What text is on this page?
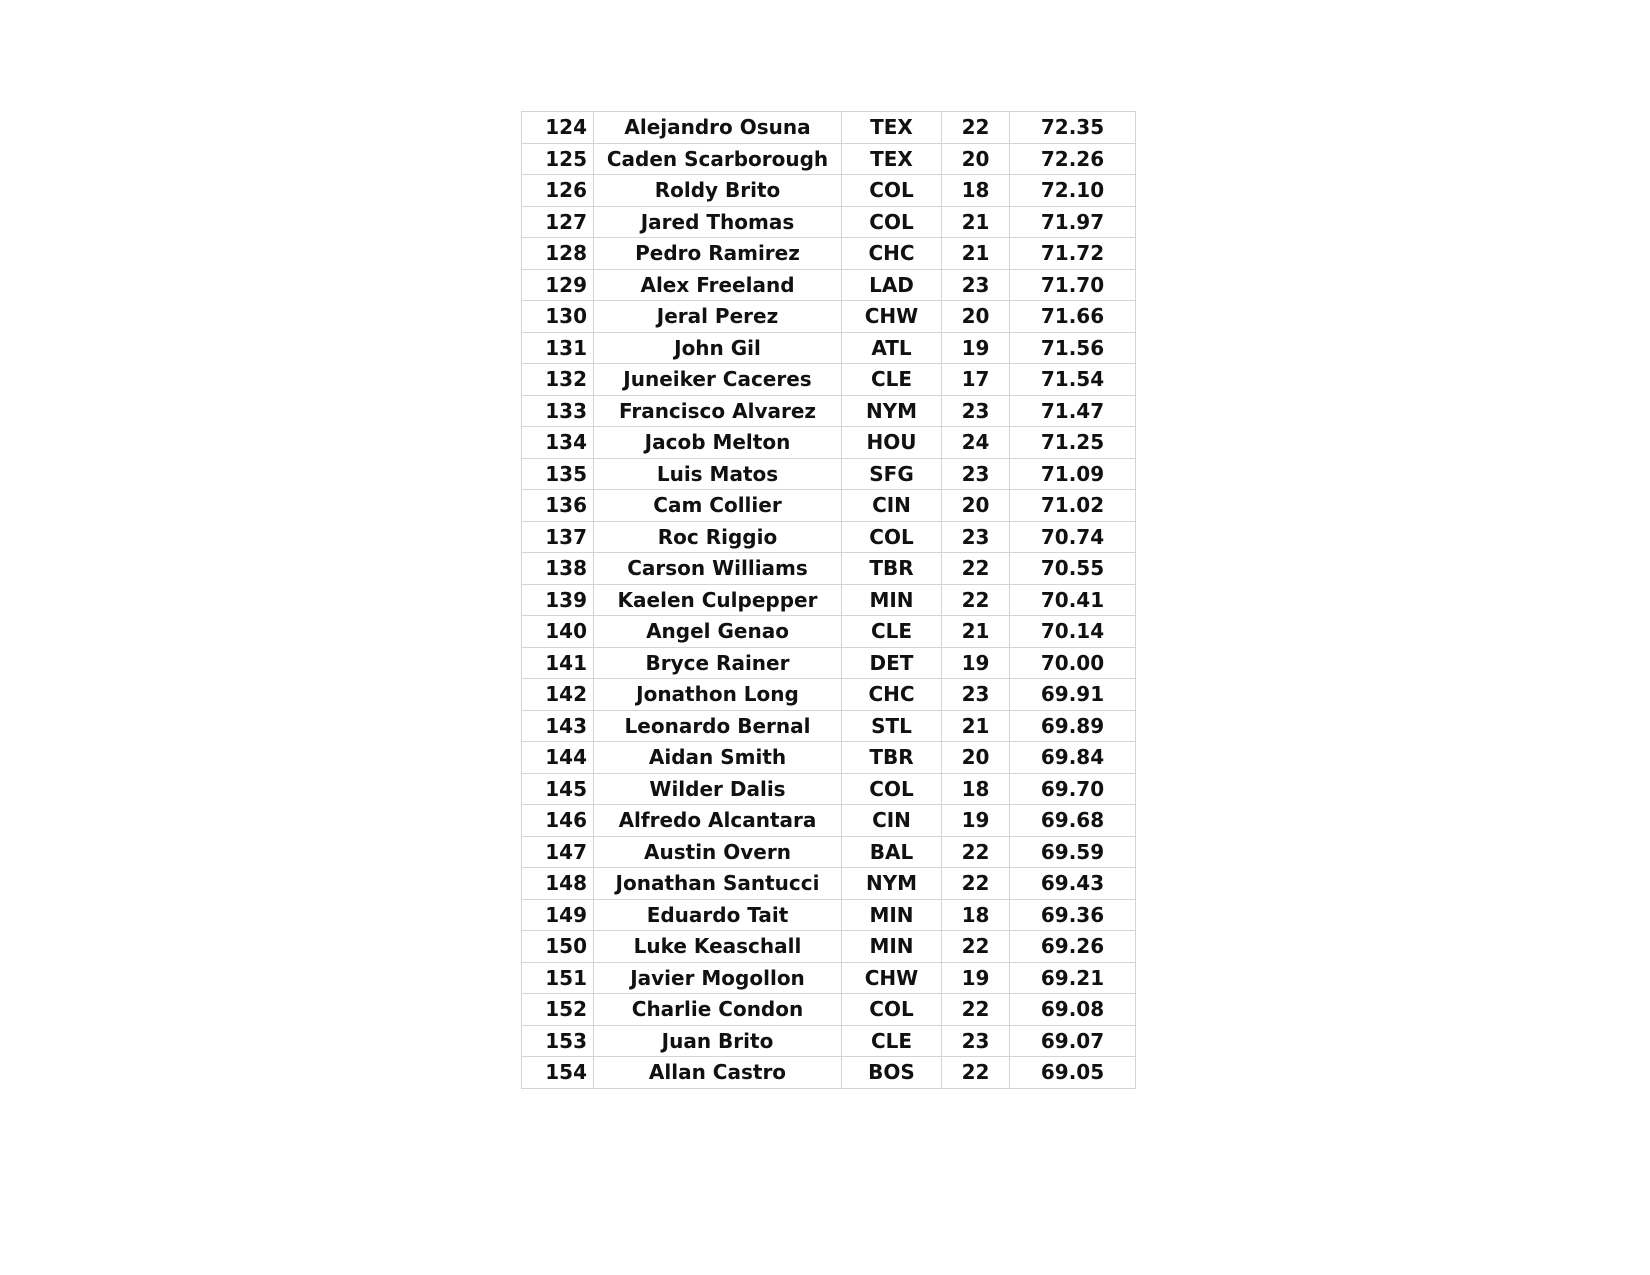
124	Alejandro Osuna	TEX	22	72.35
125	Caden Scarborough	TEX	20	72.26
126	Roldy Brito	COL	18	72.10
127	Jared Thomas	COL	21	71.97
128	Pedro Ramirez	CHC	21	71.72
129	Alex Freeland	LAD	23	71.70
130	Jeral Perez	CHW	20	71.66
131	John Gil	ATL	19	71.56
132	Juneiker Caceres	CLE	17	71.54
133	Francisco Alvarez	NYM	23	71.47
134	Jacob Melton	HOU	24	71.25
135	Luis Matos	SFG	23	71.09
136	Cam Collier	CIN	20	71.02
137	Roc Riggio	COL	23	70.74
138	Carson Williams	TBR	22	70.55
139	Kaelen Culpepper	MIN	22	70.41
140	Angel Genao	CLE	21	70.14
141	Bryce Rainer	DET	19	70.00
142	Jonathon Long	CHC	23	69.91
143	Leonardo Bernal	STL	21	69.89
144	Aidan Smith	TBR	20	69.84
145	Wilder Dalis	COL	18	69.70
146	Alfredo Alcantara	CIN	19	69.68
147	Austin Overn	BAL	22	69.59
148	Jonathan Santucci	NYM	22	69.43
149	Eduardo Tait	MIN	18	69.36
150	Luke Keaschall	MIN	22	69.26
151	Javier Mogollon	CHW	19	69.21
152	Charlie Condon	COL	22	69.08
153	Juan Brito	CLE	23	69.07
154	Allan Castro	BOS	22	69.05
